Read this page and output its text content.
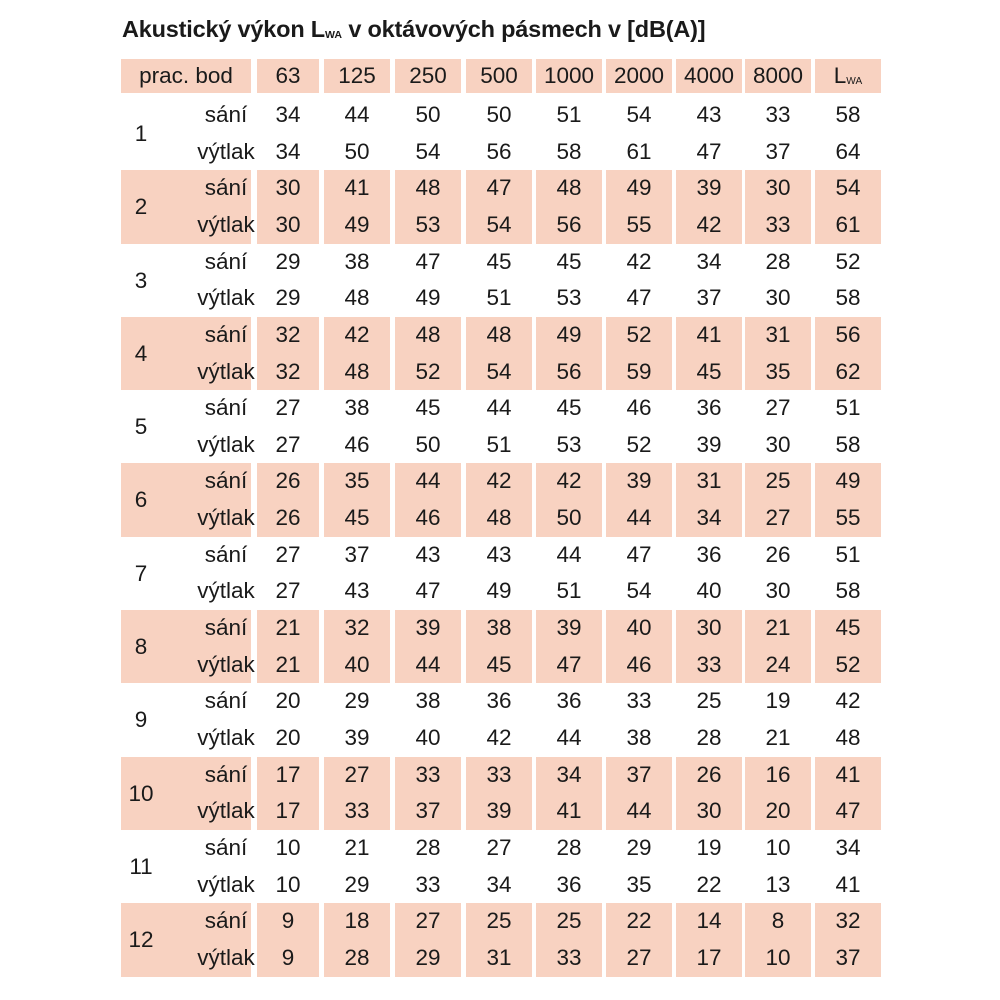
Akustický výkon $L_{WA}$ v oktávových pásmech v [dB(A)]
prac. bod	63	125	250	500	1000 2000 4000 8000	$L_{WA}$
1
sání	34	44	50	50	51	54	43	33	58
výtlak 34	50	54	56	58	61	47	37	64
2
sání	30	41	48	47	48	49	39	30	54
výtlak 30	49	53	54	56	55	42	33	61
3
sání	29	38	47	45	45	42	34	28	52
výtlak 29	48	49	51	53	47	37	30	58
4
sání	32	42	48	48	49	52	41	31	56
výtlak 32	48	52	54	56	59	45	35	62
5
sání	27	38	45	44	45	46	36	27	51
výtlak 27	46	50	51	53	52	39	30	58
6
sání	26	35	44	42	42	39	31	25	49
výtlak 26	45	46	48	50	44	34	27	55
7
sání	27	37	43	43	44	47	36	26	51
výtlak 27	43	47	49	51	54	40	30	58
8
sání	21	32	39	38	39	40	30	21	45
výtlak 21	40	44	45	47	46	33	24	52
9
sání	20	29	38	36	36	33	25	19	42
výtlak 20	39	40	42	44	38	28	21	48
10
sání	17	27	33	33	34	37	26	16	41
výtlak 17	33	37	39	41	44	30	20	47
11
sání	10	21	28	27	28	29	19	10	34
výtlak 10	29	33	34	36	35	22	13	41
12
sání	9	18	27	25	25	22	14	8	32
výtlak	9	28	29	31	33	27	17	10	37
